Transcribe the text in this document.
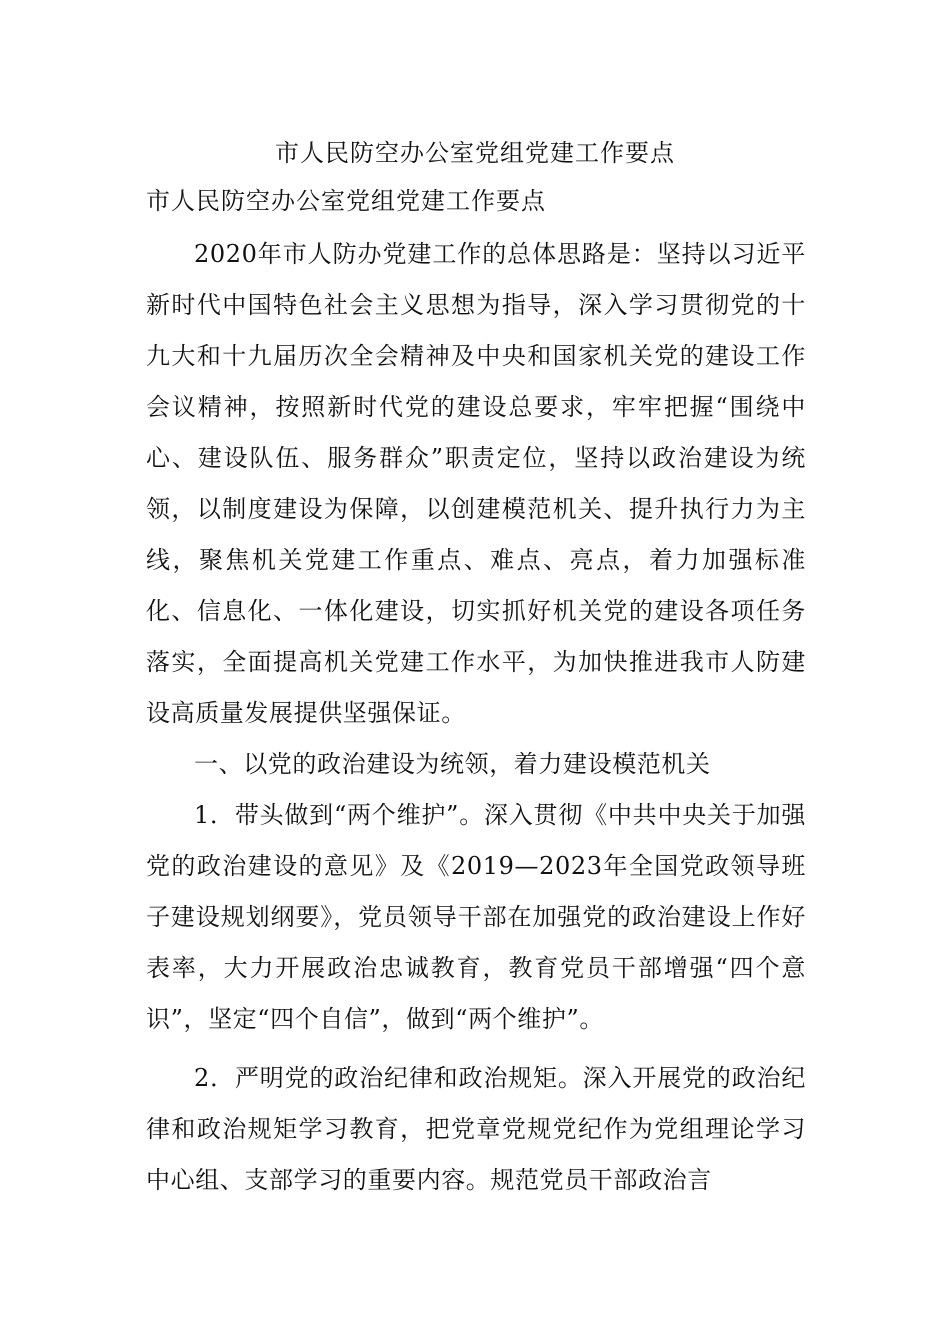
市人民防空办公室党组党建工作要点
市人民防空办公室党组党建工作要点

2020年市人防办党建工作的总体思路是：坚持以习近平新时代中国特色社会主义思想为指导，深入学习贯彻党的十九大和十九届历次全会精神及中央和国家机关党的建设工作会议精神，按照新时代党的建设总要求，牢牢把握“围绕中心、建设队伍、服务群众”职责定位，坚持以政治建设为统领，以制度建设为保障，以创建模范机关、提升执行力为主线，聚焦机关党建工作重点、难点、亮点，着力加强标准化、信息化、一体化建设，切实抓好机关党的建设各项任务落实，全面提高机关党建工作水平，为加快推进我市人防建设高质量发展提供坚强保证。

一、以党的政治建设为统领，着力建设模范机关

1．带头做到“两个维护”。深入贯彻《中共中央关于加强党的政治建设的意见》及《2019—2023年全国党政领导班子建设规划纲要》，党员领导干部在加强党的政治建设上作好表率，大力开展政治忠诚教育，教育党员干部增强“四个意识”，坚定“四个自信”，做到“两个维护”。

2．严明党的政治纪律和政治规矩。深入开展党的政治纪律和政治规矩学习教育，把党章党规党纪作为党组理论学习中心组、支部学习的重要内容。规范党员干部政治言
